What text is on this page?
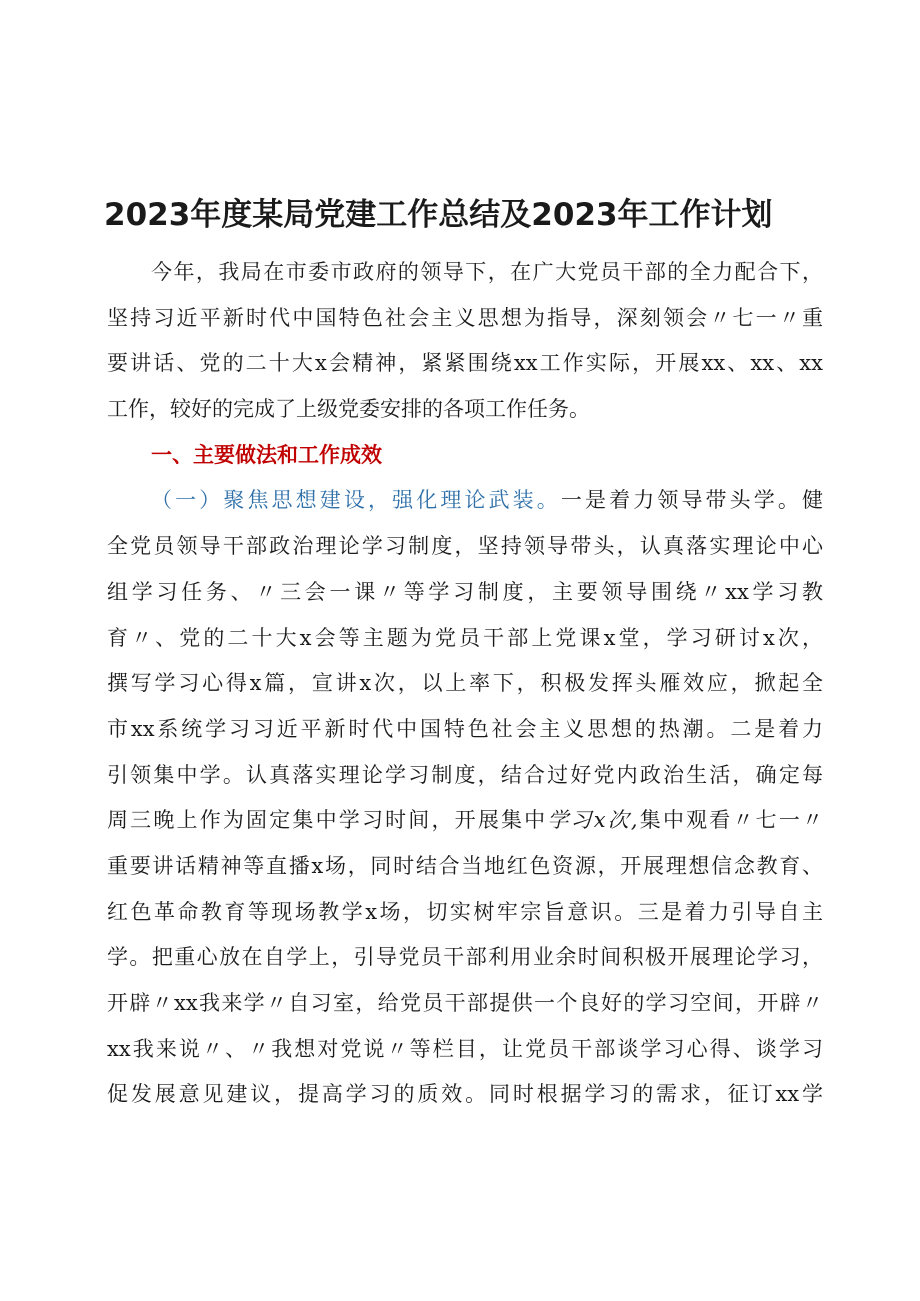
2023年度某局党建工作总结及2023年工作计划
今年，我局在市委市政府的领导下，在广大党员干部的全力配合下，
坚持习近平新时代中国特色社会主义思想为指导，深刻领会〃七一〃重
要讲话、党的二十大x会精神，紧紧围绕xx工作实际，开展xx、xx、xx
工作，较好的完成了上级党委安排的各项工作任务。
一、主要做法和工作成效
（一）聚焦思想建设，强化理论武装。一是着力领导带头学。健
全党员领导干部政治理论学习制度，坚持领导带头，认真落实理论中心
组学习任务、〃三会一课〃等学习制度，主要领导围绕〃xx学习教
育〃、党的二十大x会等主题为党员干部上党课x堂，学习研讨x次，
撰写学习心得x篇，宣讲x次，以上率下，积极发挥头雁效应，掀起全
市xx系统学习习近平新时代中国特色社会主义思想的热潮。二是着力
引领集中学。认真落实理论学习制度，结合过好党内政治生活，确定每
周三晚上作为固定集中学习时间，开展集中学习x次,集中观看〃七一〃
重要讲话精神等直播x场，同时结合当地红色资源，开展理想信念教育、
红色革命教育等现场教学x场，切实树牢宗旨意识。三是着力引导自主
学。把重心放在自学上，引导党员干部利用业余时间积极开展理论学习，
开辟〃xx我来学〃自习室，给党员干部提供一个良好的学习空间，开辟〃
xx我来说〃、〃我想对党说〃等栏目，让党员干部谈学习心得、谈学习
促发展意见建议，提高学习的质效。同时根据学习的需求，征订xx学
